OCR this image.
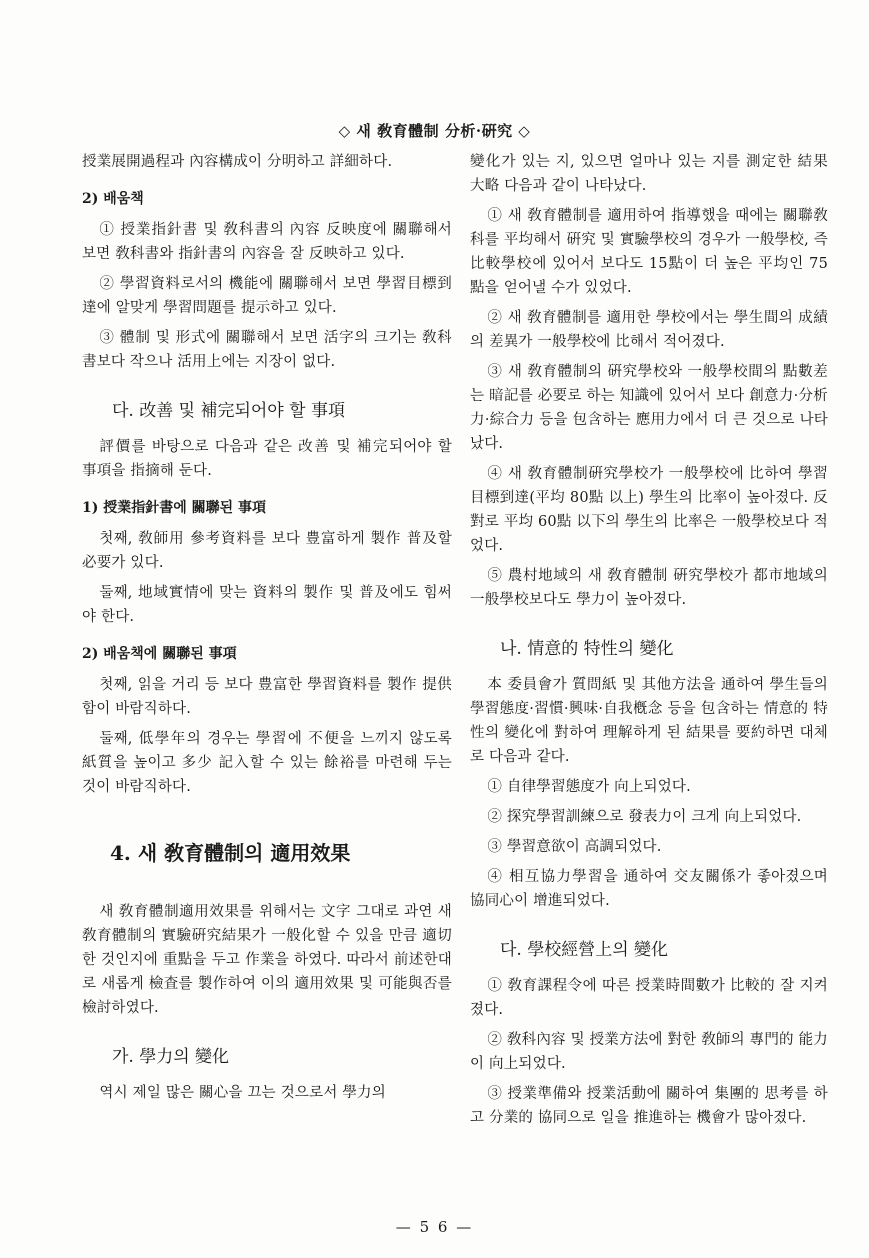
◇ 새 敎育體制 分析·硏究 ◇

授業展開過程과 內容構成이 分明하고 詳細하다.

2) 배움책

① 授業指針書 및 敎科書의 內容 反映度에 關聯해서 보면 敎科書와 指針書의 內容을 잘 反映하고 있다.

② 學習資料로서의 機能에 關聯해서 보면 學習目標到達에 알맞게 學習問題를 提示하고 있다.

③ 體制 및 形式에 關聯해서 보면 活字의 크기는 敎科書보다 작으나 活用上에는 지장이 없다.

다. 改善 및 補完되어야 할 事項

評價를 바탕으로 다음과 같은 改善 및 補完되어야 할 事項을 指摘해 둔다.

1) 授業指針書에 關聯된 事項

첫째, 敎師用 參考資料를 보다 豊富하게 製作 普及할 必要가 있다.

둘째, 地域實情에 맞는 資料의 製作 및 普及에도 힘써야 한다.

2) 배움책에 關聯된 事項

첫째, 읽을 거리 등 보다 豊富한 學習資料를 製作 提供함이 바람직하다.

둘째, 低學年의 경우는 學習에 不便을 느끼지 않도록 紙質을 높이고 多少 記入할 수 있는 餘裕를 마련해 두는 것이 바람직하다.

4. 새 敎育體制의 適用效果

새 敎育體制適用效果를 위해서는 文字 그대로 과연 새 敎育體制의 實驗硏究結果가 一般化할 수 있을 만큼 適切한 것인지에 重點을 두고 作業을 하였다. 따라서 前述한대로 새롭게 檢査를 製作하여 이의 適用效果 및 可能與否를 檢討하였다.

가. 學力의 變化

역시 제일 많은 關心을 끄는 것으로서 學力의

變化가 있는 지, 있으면 얼마나 있는 지를 測定한 結果 大略 다음과 같이 나타났다.

① 새 敎育體制를 適用하여 指導했을 때에는 關聯敎科를 平均해서 硏究 및 實驗學校의 경우가 一般學校, 즉 比較學校에 있어서 보다도 15點이 더 높은 平均인 75點을 얻어낼 수가 있었다.

② 새 敎育體制를 適用한 學校에서는 學生間의 成績의 差異가 一般學校에 比해서 적어졌다.

③ 새 敎育體制의 硏究學校와 一般學校間의 點數差는 暗記를 必要로 하는 知識에 있어서 보다 創意力·分析力·綜合力 등을 包含하는 應用力에서 더 큰 것으로 나타났다.

④ 새 敎育體制硏究學校가 一般學校에 比하여 學習目標到達(平均 80點 以上) 學生의 比率이 높아졌다. 反對로 平均 60點 以下의 學生의 比率은 一般學校보다 적었다.

⑤ 農村地域의 새 敎育體制 硏究學校가 都市地域의 一般學校보다도 學力이 높아졌다.

나. 情意的 特性의 變化

本 委員會가 質問紙 및 其他方法을 通하여 學生들의 學習態度·習慣·興味·自我槪念 등을 包含하는 情意的 特性의 變化에 對하여 理解하게 된 結果를 要約하면 대체로 다음과 같다.

① 自律學習態度가 向上되었다.

② 探究學習訓練으로 發表力이 크게 向上되었다.

③ 學習意欲이 高調되었다.

④ 相互協力學習을 通하여 交友關係가 좋아졌으며 協同心이 增進되었다.

다. 學校經營上의 變化

① 敎育課程令에 따른 授業時間數가 比較的 잘 지켜졌다.

② 敎科內容 및 授業方法에 對한 敎師의 專門的 能力이 向上되었다.

③ 授業準備와 授業活動에 關하여 集團的 思考를 하고 分業的 協同으로 일을 推進하는 機會가 많아졌다.

— 5 6 —
